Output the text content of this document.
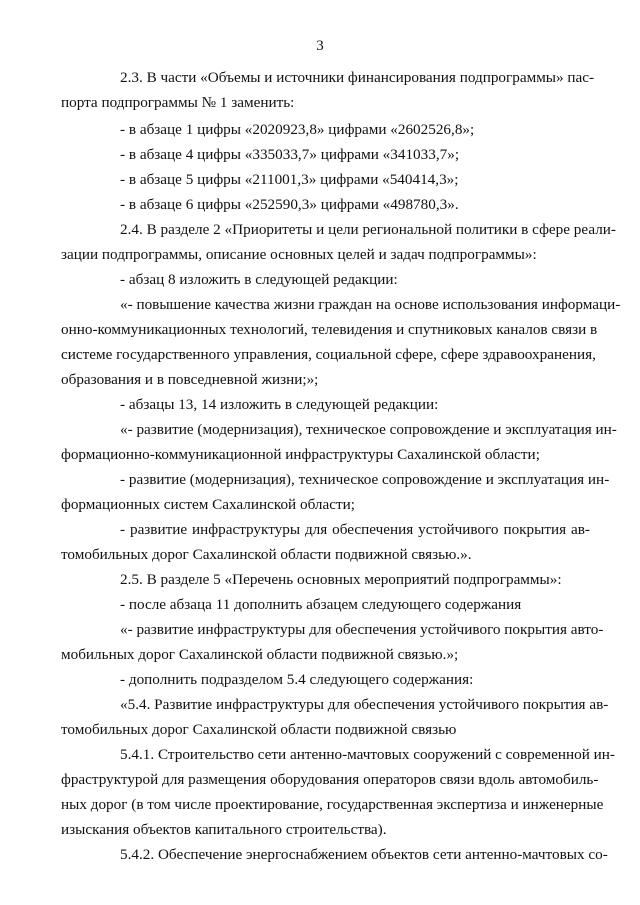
3
2.3. В части «Объемы и источники финансирования подпрограммы» пас-
порта подпрограммы № 1 заменить:
- в абзаце 1 цифры «2020923,8» цифрами «2602526,8»;
- в абзаце 4 цифры «335033,7» цифрами «341033,7»;
- в абзаце 5 цифры «211001,3» цифрами «540414,3»;
- в абзаце 6 цифры «252590,3» цифрами «498780,3».
2.4. В разделе 2 «Приоритеты и цели региональной политики в сфере реали-
зации подпрограммы, описание основных целей и задач подпрограммы»:
- абзац 8 изложить в следующей редакции:
«- повышение качества жизни граждан на основе использования информаци-
онно-коммуникационных технологий, телевидения и спутниковых каналов связи в
системе государственного управления, социальной сфере, сфере здравоохранения,
образования и в повседневной жизни;»;
- абзацы 13, 14 изложить в следующей редакции:
«- развитие (модернизация), техническое сопровождение и эксплуатация ин-
формационно-коммуникационной инфраструктуры Сахалинской области;
- развитие (модернизация), техническое сопровождение и эксплуатация ин-
формационных систем Сахалинской области;
- развитие инфраструктуры для обеспечения устойчивого покрытия ав-
томобильных дорог Сахалинской области подвижной связью.».
2.5. В разделе 5 «Перечень основных мероприятий подпрограммы»:
- после абзаца 11 дополнить абзацем следующего содержания
«- развитие инфраструктуры для обеспечения устойчивого покрытия авто-
мобильных дорог Сахалинской области подвижной связью.»;
- дополнить подразделом 5.4 следующего содержания:
«5.4. Развитие инфраструктуры для обеспечения устойчивого покрытия ав-
томобильных дорог Сахалинской области подвижной связью
5.4.1. Строительство сети антенно-мачтовых сооружений с современной ин-
фраструктурой для размещения оборудования операторов связи вдоль автомобиль-
ных дорог (в том числе проектирование, государственная экспертиза и инженерные
изыскания объектов капитального строительства).
5.4.2. Обеспечение энергоснабжением объектов сети антенно-мачтовых со-
